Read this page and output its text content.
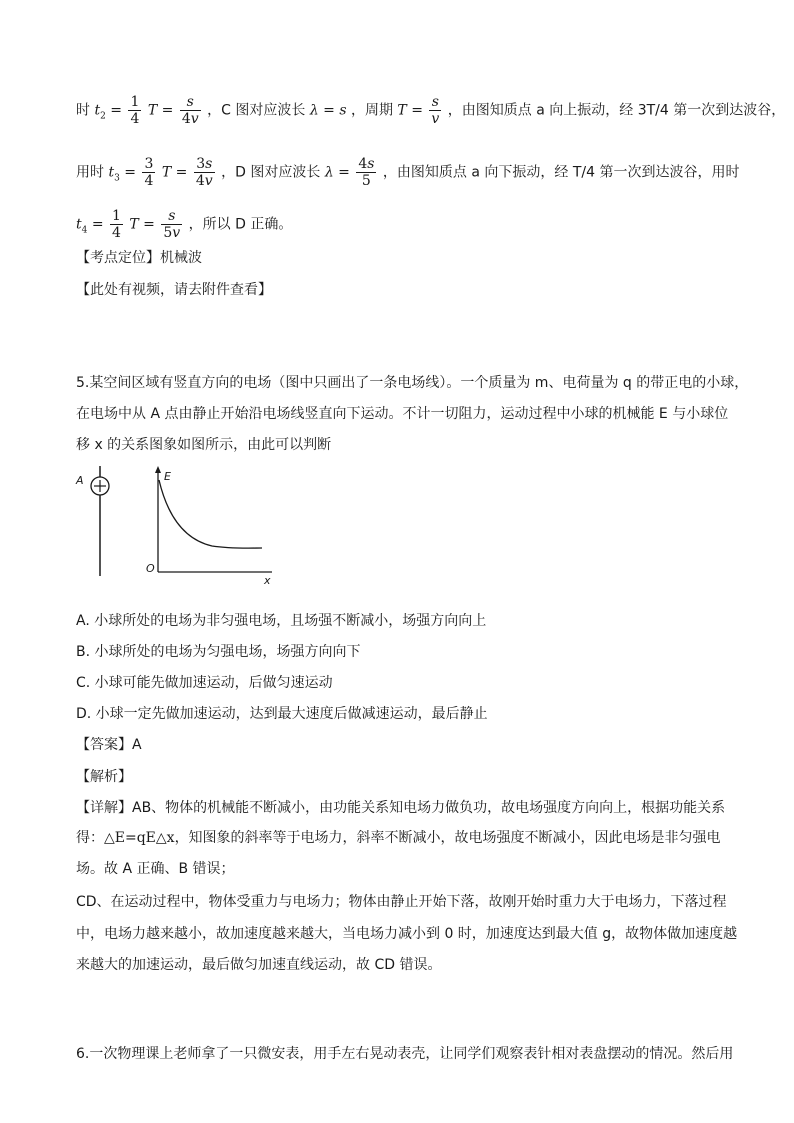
时 $t_2 = \frac{1}{4}$ $T = \frac{s}{4v}$ ，C 图对应波长 λ = s ，周期 $T = \frac{s}{v}$ ，由图知质点 a 向上振动，经 3T/4 第一次到达波谷，
用时 $t_3 = \frac{3}{4}$ $T = \frac{3s}{4v}$ ，D 图对应波长 $\lambda = \frac{4s}{5}$ ，由图知质点 a 向下振动，经 T/4 第一次到达波谷，用时
$t_4 = \frac{1}{4}$ $T = \frac{s}{5v}$ ，所以 D 正确。
【考点定位】机械波
【此处有视频，请去附件查看】
5.某空间区域有竖直方向的电场（图中只画出了一条电场线）。一个质量为 m、电荷量为 q 的带正电的小球，
在电场中从 A 点由静止开始沿电场线竖直向下运动。不计一切阻力，运动过程中小球的机械能 E 与小球位
移 x 的关系图象如图所示，由此可以判断
A	E
O
x
A. 小球所处的电场为非匀强电场，且场强不断减小，场强方向向上
B. 小球所处的电场为匀强电场，场强方向向下
C. 小球可能先做加速运动，后做匀速运动
D. 小球一定先做加速运动，达到最大速度后做减速运动，最后静止
【答案】A
【解析】
【详解】AB、物体的机械能不断减小，由功能关系知电场力做负功，故电场强度方向向上，根据功能关系
得：△E=qE△x，知图象的斜率等于电场力，斜率不断减小，故电场强度不断减小，因此电场是非匀强电
场。故 A 正确、B 错误；
CD、在运动过程中，物体受重力与电场力；物体由静止开始下落，故刚开始时重力大于电场力，下落过程
中，电场力越来越小，故加速度越来越大，当电场力减小到 0 时，加速度达到最大值 g，故物体做加速度越
来越大的加速运动，最后做匀加速直线运动，故 CD 错误。
6.一次物理课上老师拿了一只微安表，用手左右晃动表壳，让同学们观察表针相对表盘摆动的情况。然后用
